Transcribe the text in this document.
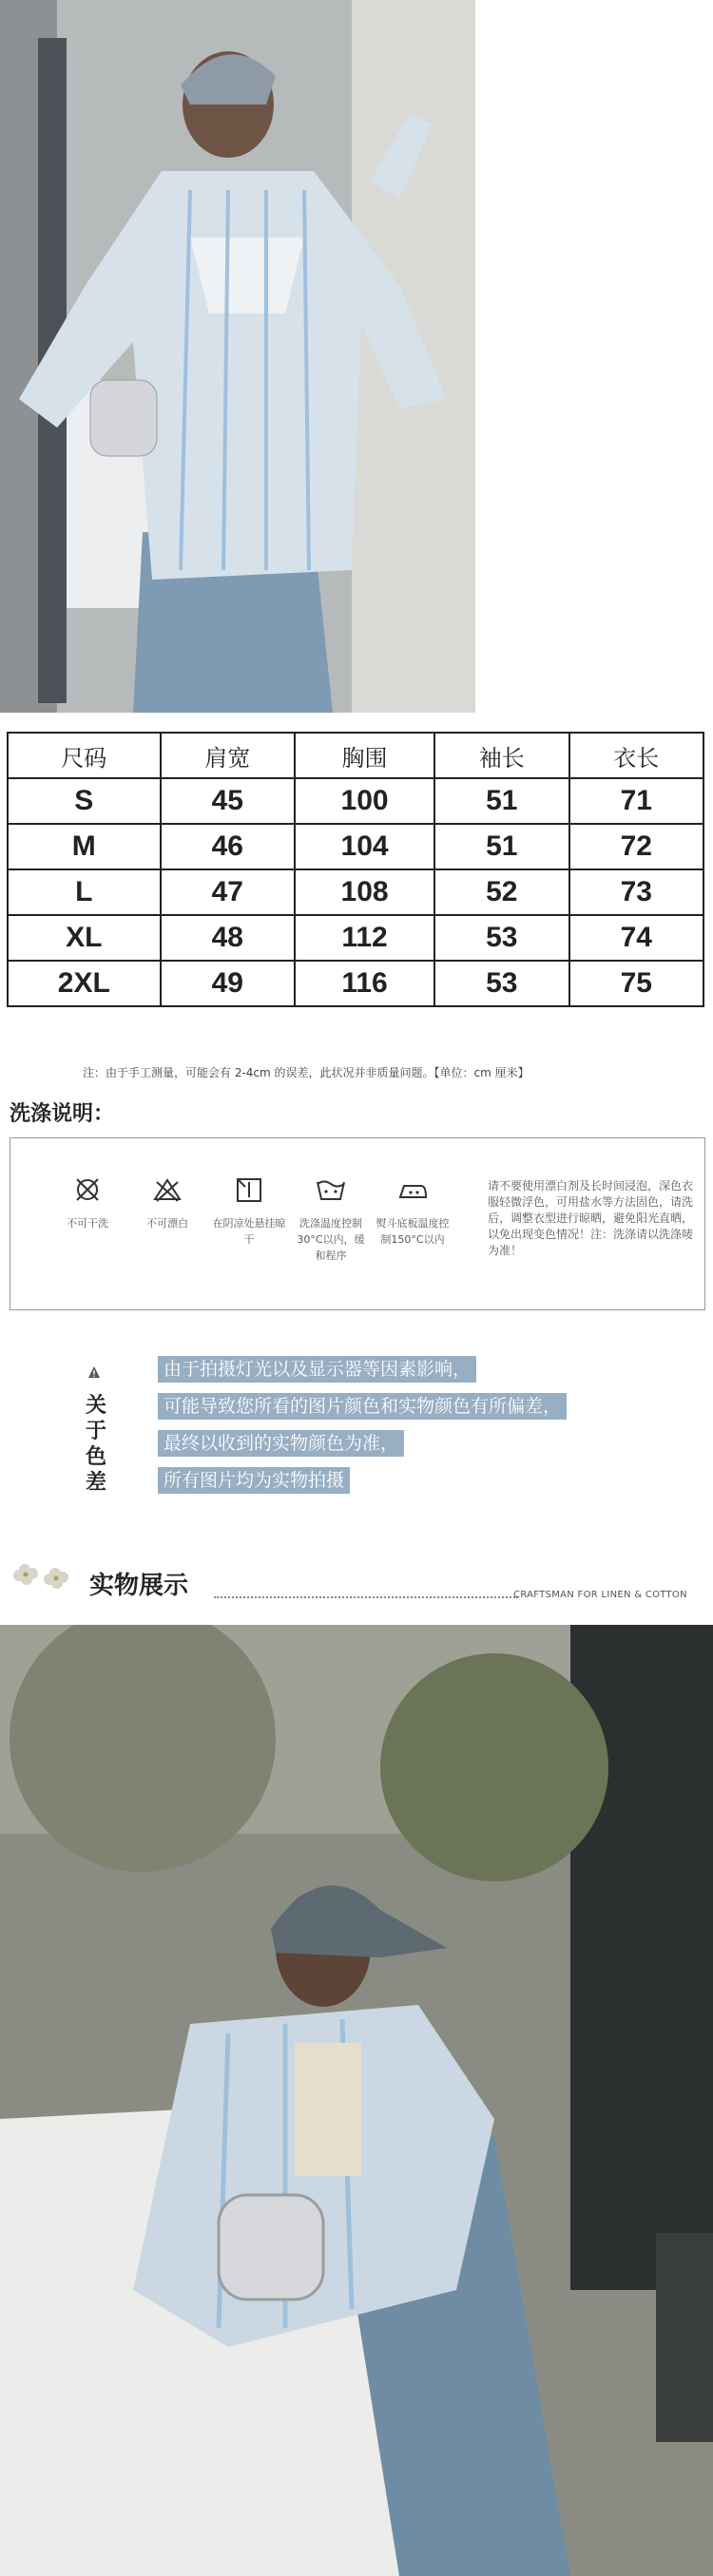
尺码	肩宽	胸围	袖长	衣长
S	45	100	51	71
M	46	104	51	72
L	47	108	52	73
XL	48	112	53	74
2XL	49	116	53	75
注：由于手工测量，可能会有 2-4cm 的误差，此状况并非质量问题。【单位：cm 厘米】
洗涤说明：
不可干洗	不可漂白	在阴凉处悬挂晾干
洗涤温度控制30°C以内，缓和程序
熨斗底板温度控制150°C以内
请不要使用漂白剂及长时间浸泡，深色衣服轻微浮色，可用盐水等方法固色，请洗后，调整衣型进行晾晒，避免阳光直晒，以免出现变色情况！注：洗涤请以洗涤唛为准！
关于色差
由于拍摄灯光以及显示器等因素影响，
可能导致您所看的图片颜色和实物颜色有所偏差，
最终以收到的实物颜色为准，
所有图片均为实物拍摄
实物展示	CRAFTSMAN FOR LINEN & COTTON
